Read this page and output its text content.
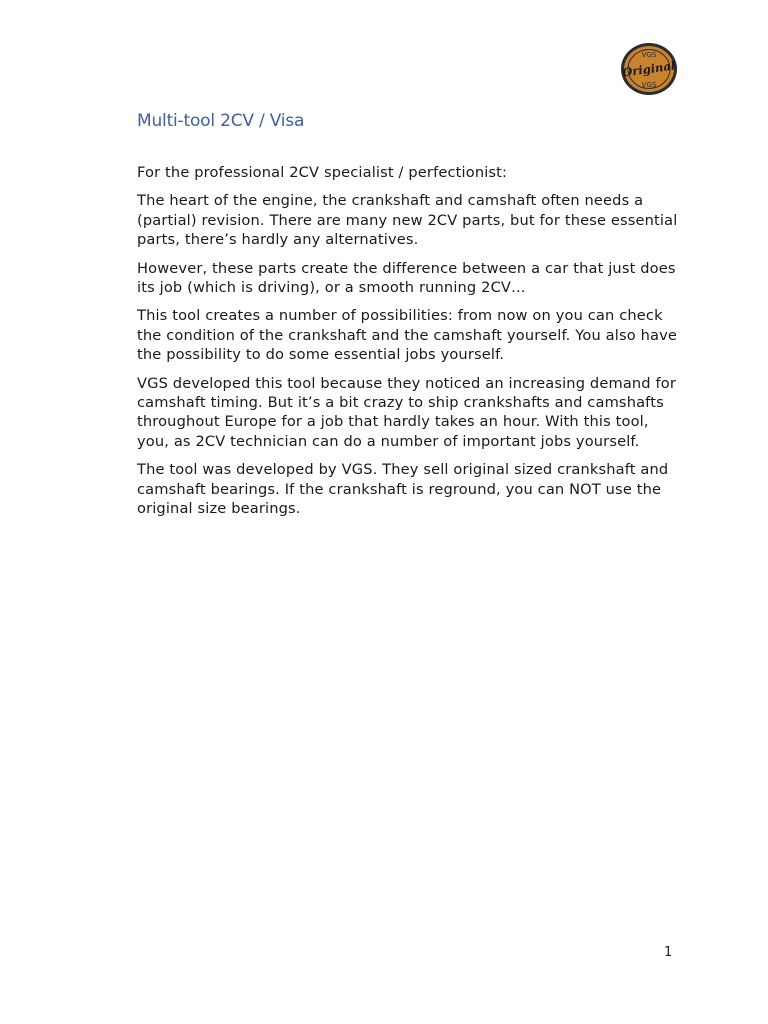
VGS
Original
VGS
Multi-tool 2CV / Visa

For the professional 2CV specialist / perfectionist:

The heart of the engine, the crankshaft and camshaft often needs a (partial) revision. There are many new 2CV parts, but for these essential parts, there’s hardly any alternatives.

However, these parts create the difference between a car that just does its job (which is driving), or a smooth running 2CV…

This tool creates a number of possibilities: from now on you can check the condition of the crankshaft and the camshaft yourself. You also have the possibility to do some essential jobs yourself.

VGS developed this tool because they noticed an increasing demand for camshaft timing. But it’s a bit crazy to ship crankshafts and camshafts throughout Europe for a job that hardly takes an hour. With this tool, you, as 2CV technician can do a number of important jobs yourself.

The tool was developed by VGS. They sell original sized crankshaft and camshaft bearings. If the crankshaft is reground, you can NOT use the original size bearings.

1
